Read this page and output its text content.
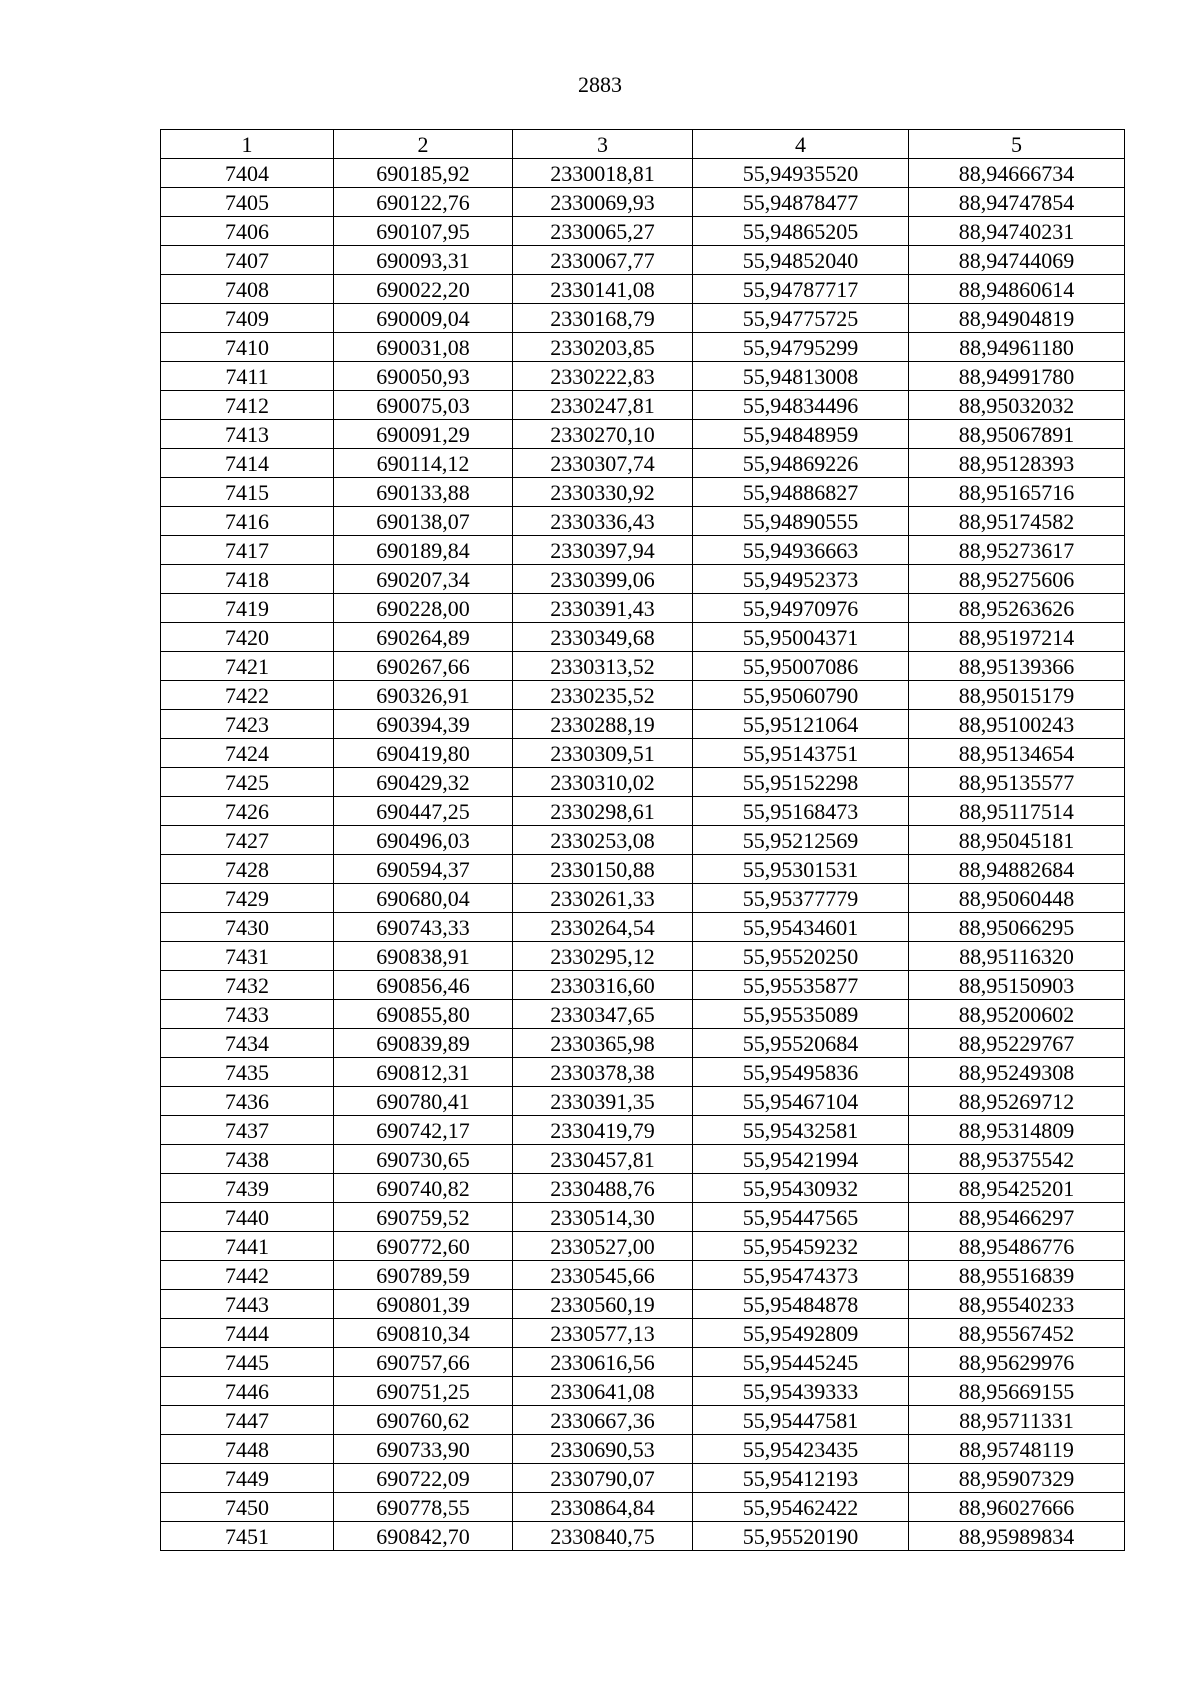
2883
1	2	3	4	5
7404	690185,92	2330018,81	55,94935520	88,94666734
7405	690122,76	2330069,93	55,94878477	88,94747854
7406	690107,95	2330065,27	55,94865205	88,94740231
7407	690093,31	2330067,77	55,94852040	88,94744069
7408	690022,20	2330141,08	55,94787717	88,94860614
7409	690009,04	2330168,79	55,94775725	88,94904819
7410	690031,08	2330203,85	55,94795299	88,94961180
7411	690050,93	2330222,83	55,94813008	88,94991780
7412	690075,03	2330247,81	55,94834496	88,95032032
7413	690091,29	2330270,10	55,94848959	88,95067891
7414	690114,12	2330307,74	55,94869226	88,95128393
7415	690133,88	2330330,92	55,94886827	88,95165716
7416	690138,07	2330336,43	55,94890555	88,95174582
7417	690189,84	2330397,94	55,94936663	88,95273617
7418	690207,34	2330399,06	55,94952373	88,95275606
7419	690228,00	2330391,43	55,94970976	88,95263626
7420	690264,89	2330349,68	55,95004371	88,95197214
7421	690267,66	2330313,52	55,95007086	88,95139366
7422	690326,91	2330235,52	55,95060790	88,95015179
7423	690394,39	2330288,19	55,95121064	88,95100243
7424	690419,80	2330309,51	55,95143751	88,95134654
7425	690429,32	2330310,02	55,95152298	88,95135577
7426	690447,25	2330298,61	55,95168473	88,95117514
7427	690496,03	2330253,08	55,95212569	88,95045181
7428	690594,37	2330150,88	55,95301531	88,94882684
7429	690680,04	2330261,33	55,95377779	88,95060448
7430	690743,33	2330264,54	55,95434601	88,95066295
7431	690838,91	2330295,12	55,95520250	88,95116320
7432	690856,46	2330316,60	55,95535877	88,95150903
7433	690855,80	2330347,65	55,95535089	88,95200602
7434	690839,89	2330365,98	55,95520684	88,95229767
7435	690812,31	2330378,38	55,95495836	88,95249308
7436	690780,41	2330391,35	55,95467104	88,95269712
7437	690742,17	2330419,79	55,95432581	88,95314809
7438	690730,65	2330457,81	55,95421994	88,95375542
7439	690740,82	2330488,76	55,95430932	88,95425201
7440	690759,52	2330514,30	55,95447565	88,95466297
7441	690772,60	2330527,00	55,95459232	88,95486776
7442	690789,59	2330545,66	55,95474373	88,95516839
7443	690801,39	2330560,19	55,95484878	88,95540233
7444	690810,34	2330577,13	55,95492809	88,95567452
7445	690757,66	2330616,56	55,95445245	88,95629976
7446	690751,25	2330641,08	55,95439333	88,95669155
7447	690760,62	2330667,36	55,95447581	88,95711331
7448	690733,90	2330690,53	55,95423435	88,95748119
7449	690722,09	2330790,07	55,95412193	88,95907329
7450	690778,55	2330864,84	55,95462422	88,96027666
7451	690842,70	2330840,75	55,95520190	88,95989834
